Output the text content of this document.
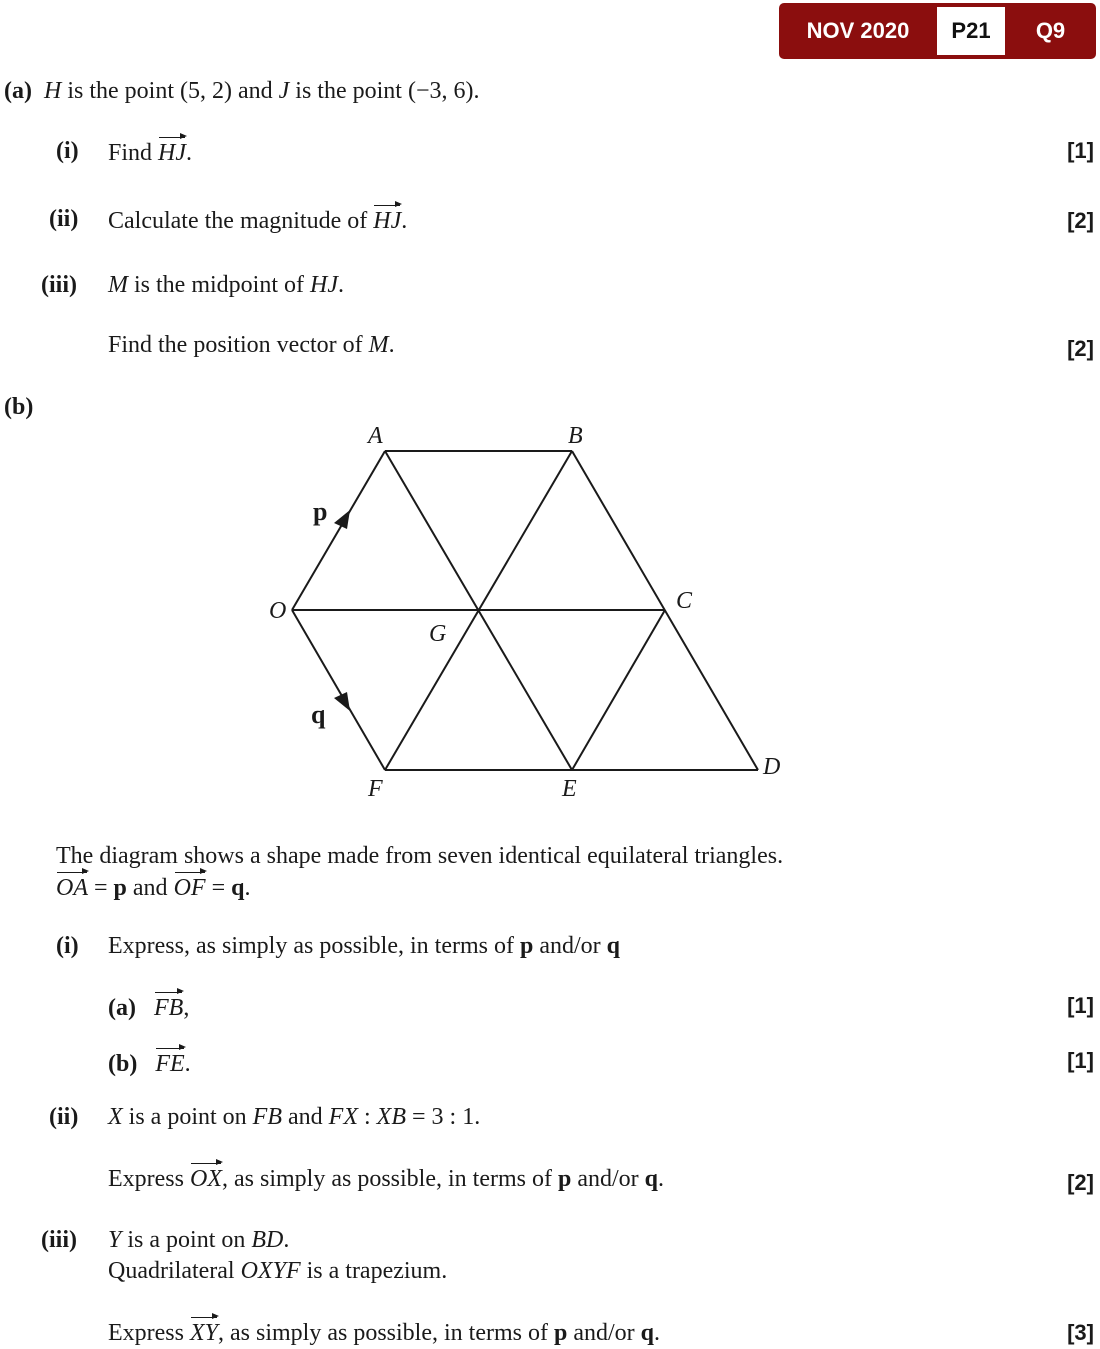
NOV 2020	P21	Q9
(a) H is the point (5, 2) and J is the point (−3, 6).
(i) Find HJ.	[1]
(ii) Calculate the magnitude of HJ.	[2]
(iii) M is the midpoint of HJ.
Find the position vector of M.	[2]
(b)
A	B
C
D
E
F
G
O
p
q
The diagram shows a shape made from seven identical equilateral triangles.
OA = p and OF = q.
(i) Express, as simply as possible, in terms of p and/or q
(a) FB,	[1]
(b) FE.	[1]
(ii) X is a point on FB and FX : XB = 3 : 1.
Express OX, as simply as possible, in terms of p and/or q.	[2]
(iii) Y is a point on BD.
Quadrilateral OXYF is a trapezium.
Express XY, as simply as possible, in terms of p and/or q.	[3]
